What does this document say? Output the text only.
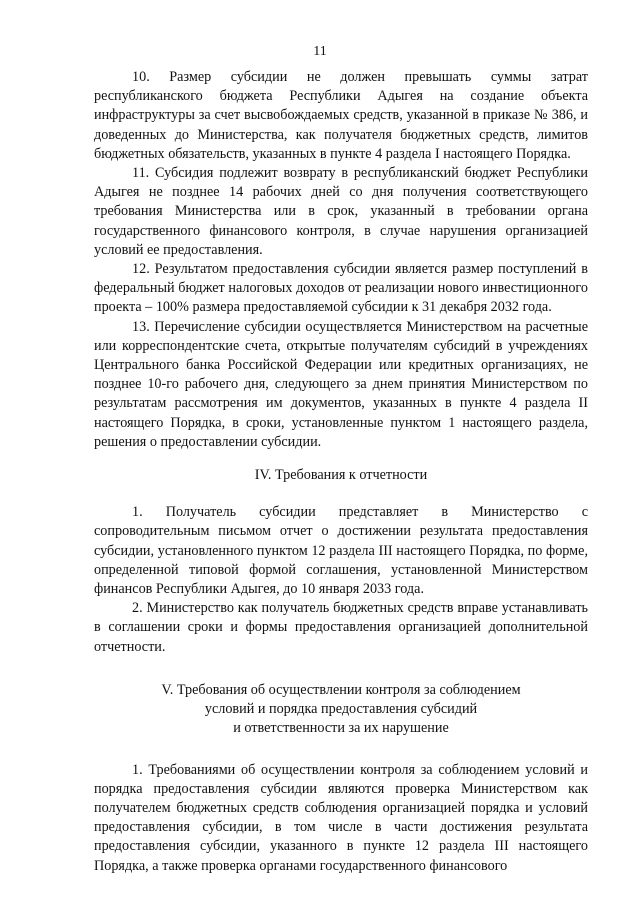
11

10. Размер субсидии не должен превышать суммы затрат республиканского бюджета Республики Адыгея на создание объекта инфраструктуры за счет высвобождаемых средств, указанной в приказе № 386, и доведенных до Министерства, как получателя бюджетных средств, лимитов бюджетных обязательств, указанных в пункте 4 раздела I настоящего Порядка.

11. Субсидия подлежит возврату в республиканский бюджет Республики Адыгея не позднее 14 рабочих дней со дня получения соответствующего требования Министерства или в срок, указанный в требовании органа государственного финансового контроля, в случае нарушения организацией условий ее предоставления.

12. Результатом предоставления субсидии является размер поступлений в федеральный бюджет налоговых доходов от реализации нового инвестиционного проекта – 100% размера предоставляемой субсидии к 31 декабря 2032 года.

13. Перечисление субсидии осуществляется Министерством на расчетные или корреспондентские счета, открытые получателям субсидий в учреждениях Центрального банка Российской Федерации или кредитных организациях, не позднее 10-го рабочего дня, следующего за днем принятия Министерством по результатам рассмотрения им документов, указанных в пункте 4 раздела II настоящего Порядка, в сроки, установленные пунктом 1 настоящего раздела, решения о предоставлении субсидии.

IV. Требования к отчетности

1. Получатель субсидии представляет в Министерство с сопроводительным письмом отчет о достижении результата предоставления субсидии, установленного пунктом 12 раздела III настоящего Порядка, по форме, определенной типовой формой соглашения, установленной Министерством финансов Республики Адыгея, до 10 января 2033 года.

2. Министерство как получатель бюджетных средств вправе устанавливать в соглашении сроки и формы предоставления организацией дополнительной отчетности.

V. Требования об осуществлении контроля за соблюдением
условий и порядка предоставления субсидий
и ответственности за их нарушение

1. Требованиями об осуществлении контроля за соблюдением условий и порядка предоставления субсидии являются проверка Министерством как получателем бюджетных средств соблюдения организацией порядка и условий предоставления субсидии, в том числе в части достижения результата предоставления субсидии, указанного в пункте 12 раздела III настоящего Порядка, а также проверка органами государственного финансового
